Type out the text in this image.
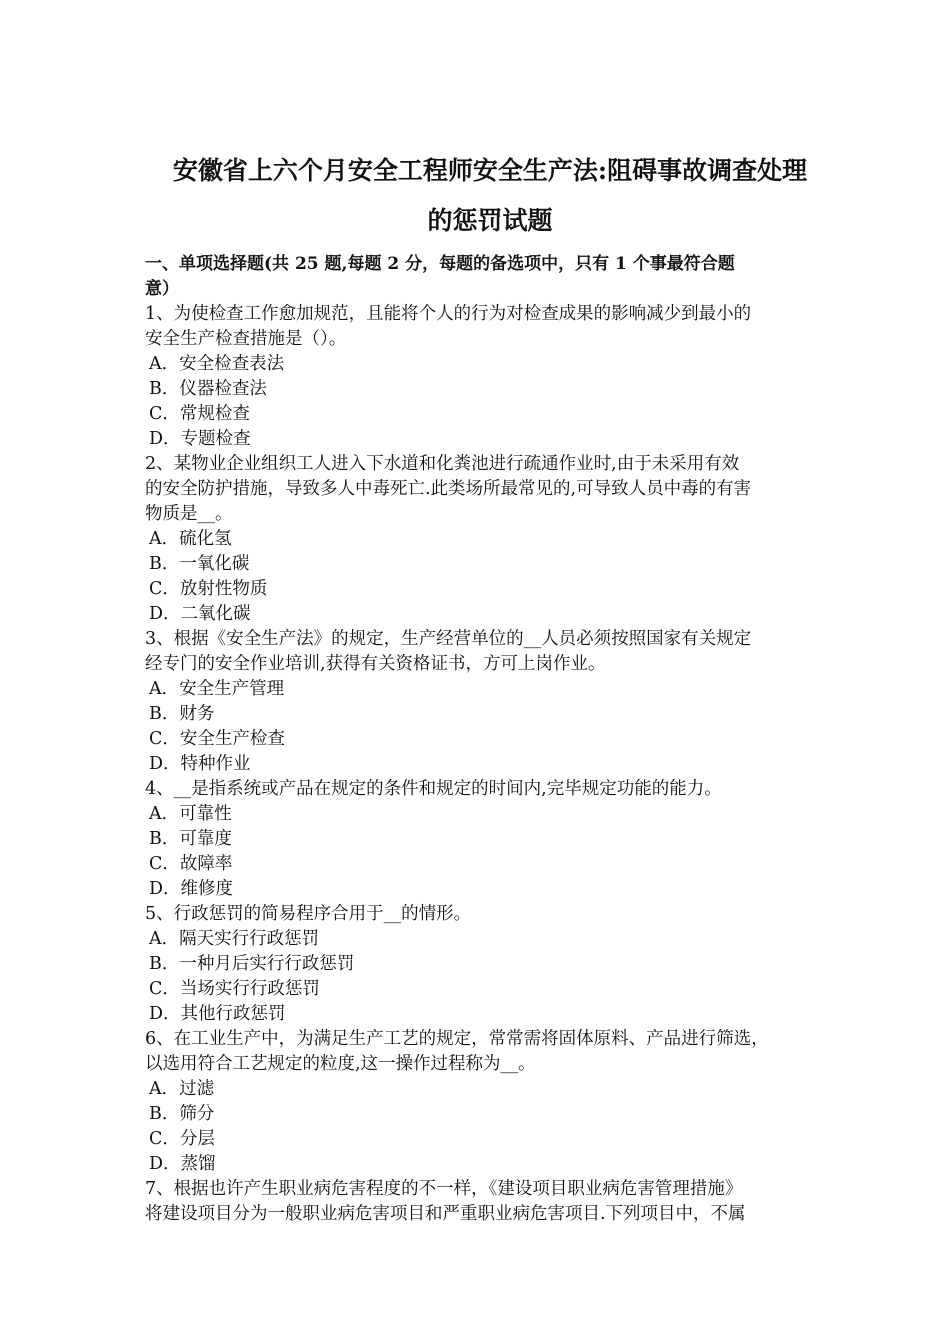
安徽省上六个月安全工程师安全生产法:阻碍事故调查处理
的惩罚试题
一、单项选择题(共 25 题,每题 2 分，每题的备选项中，只有 1 个事最符合题
意）
1、为使检查工作愈加规范，且能将个人的行为对检查成果的影响减少到最小的
安全生产检查措施是（）。
A．安全检查表法
B．仪器检查法
C．常规检查
D．专题检查
2、某物业企业组织工人进入下水道和化粪池进行疏通作业时,由于未采用有效
的安全防护措施，导致多人中毒死亡.此类场所最常见的,可导致人员中毒的有害
物质是__。
A．硫化氢
B．一氧化碳
C．放射性物质
D．二氧化碳
3、根据《安全生产法》的规定，生产经营单位的__人员必须按照国家有关规定
经专门的安全作业培训,获得有关资格证书，方可上岗作业。
A．安全生产管理
B．财务
C．安全生产检查
D．特种作业
4、__是指系统或产品在规定的条件和规定的时间内,完毕规定功能的能力。
A．可靠性
B．可靠度
C．故障率
D．维修度
5、行政惩罚的简易程序合用于__的情形。
A．隔天实行行政惩罚
B．一种月后实行行政惩罚
C．当场实行行政惩罚
D．其他行政惩罚
6、在工业生产中，为满足生产工艺的规定，常常需将固体原料、产品进行筛选，
以选用符合工艺规定的粒度,这一操作过程称为__。
A．过滤
B．筛分
C．分层
D．蒸馏
7、根据也许产生职业病危害程度的不一样，《建设项目职业病危害管理措施》
将建设项目分为一般职业病危害项目和严重职业病危害项目.下列项目中，不属
